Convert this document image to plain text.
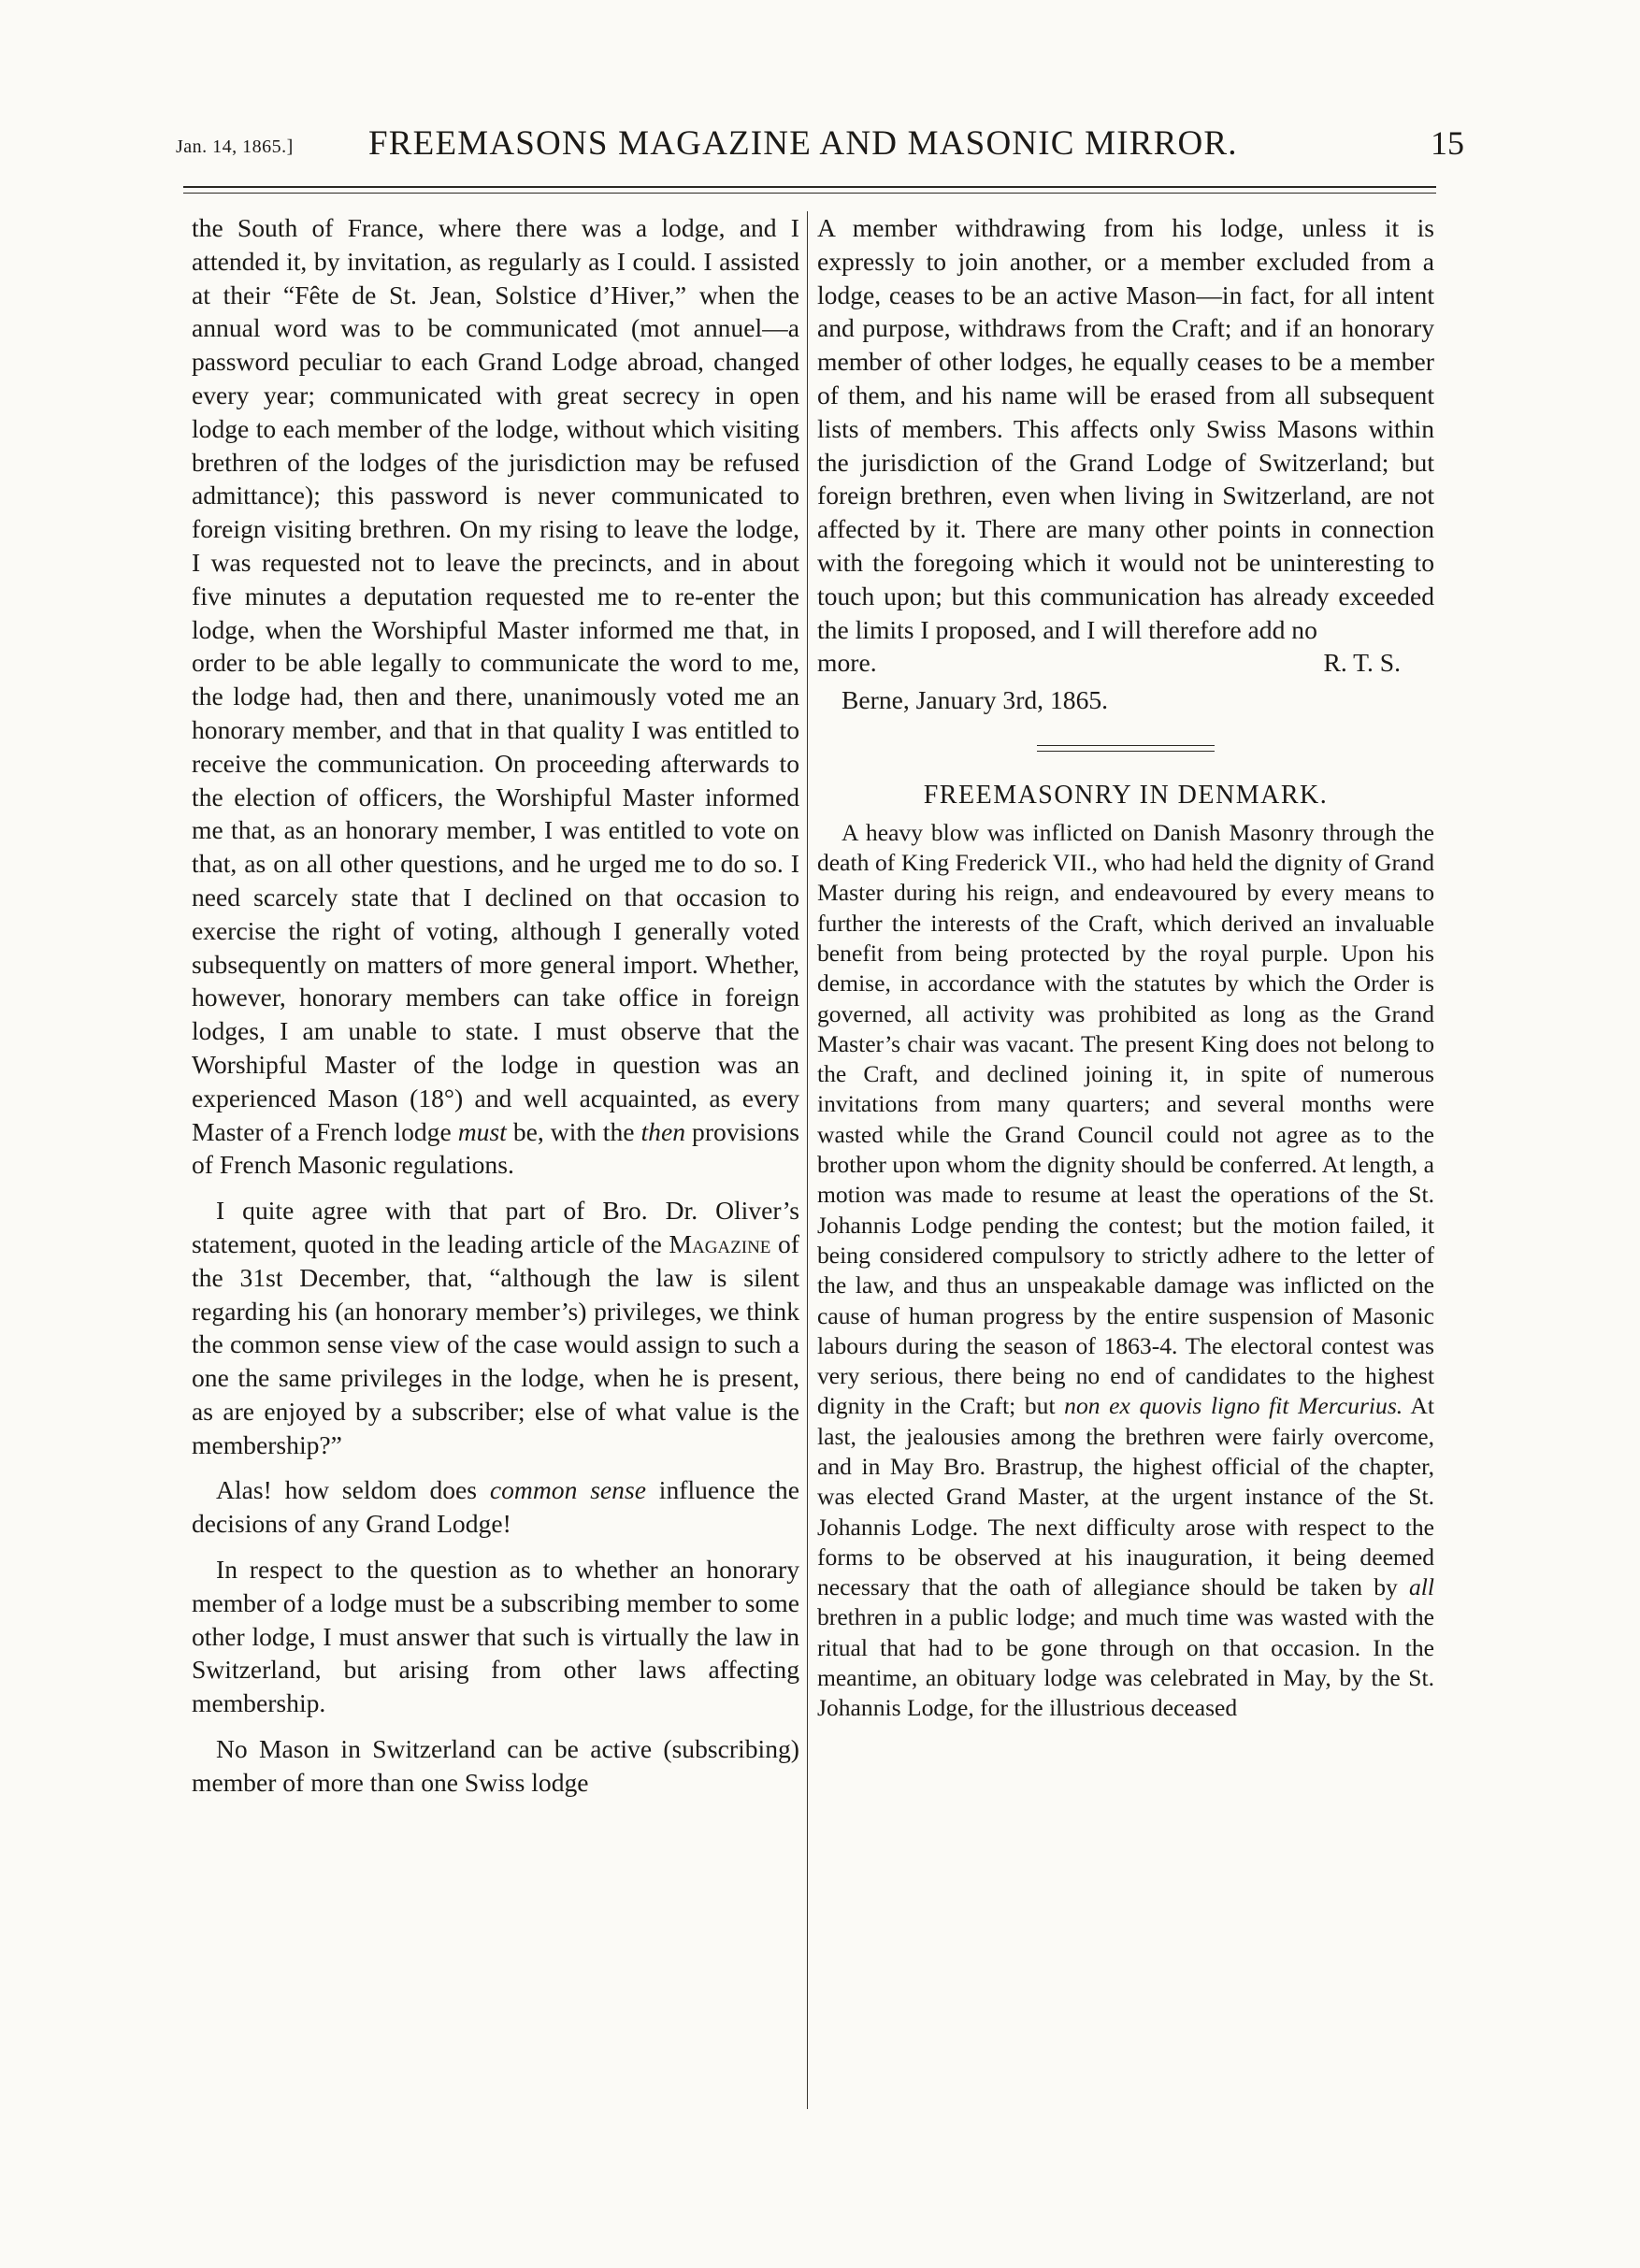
Jan. 14, 1865.] FREEMASONS MAGAZINE AND MASONIC MIRROR.	15

the South of France, where there was a lodge, and I attended it, by invitation, as regularly as I could. I assisted at their “Fête de St. Jean, Solstice d’Hiver,” when the annual word was to be communicated (mot annuel—a password peculiar to each Grand Lodge abroad, changed every year; communicated with great secrecy in open lodge to each member of the lodge, without which visiting brethren of the lodges of the jurisdiction may be refused admittance); this password is never communicated to foreign visiting brethren. On my rising to leave the lodge, I was requested not to leave the precincts, and in about five minutes a deputation requested me to re-enter the lodge, when the Worshipful Master informed me that, in order to be able legally to communicate the word to me, the lodge had, then and there, unanimously voted me an honorary member, and that in that quality I was entitled to receive the communication. On proceeding afterwards to the election of officers, the Worshipful Master informed me that, as an honorary member, I was entitled to vote on that, as on all other questions, and he urged me to do so. I need scarcely state that I declined on that occasion to exercise the right of voting, although I generally voted subsequently on matters of more general import. Whether, however, honorary members can take office in foreign lodges, I am unable to state. I must observe that the Worshipful Master of the lodge in question was an experienced Mason (18°) and well acquainted, as every Master of a French lodge must be, with the then provisions of French Masonic regulations.

I quite agree with that part of Bro. Dr. Oliver’s statement, quoted in the leading article of the Magazine of the 31st December, that, “although the law is silent regarding his (an honorary member’s) privileges, we think the common sense view of the case would assign to such a one the same privileges in the lodge, when he is present, as are enjoyed by a subscriber; else of what value is the membership?”

Alas! how seldom does common sense influence the decisions of any Grand Lodge!

In respect to the question as to whether an honorary member of a lodge must be a subscribing member to some other lodge, I must answer that such is virtually the law in Switzerland, but arising from other laws affecting membership.

No Mason in Switzerland can be active (subscribing) member of more than one Swiss lodge

A member withdrawing from his lodge, unless it is expressly to join another, or a member excluded from a lodge, ceases to be an active Mason—in fact, for all intent and purpose, withdraws from the Craft; and if an honorary member of other lodges, he equally ceases to be a member of them, and his name will be erased from all subsequent lists of members. This affects only Swiss Masons within the jurisdiction of the Grand Lodge of Switzerland; but foreign brethren, even when living in Switzerland, are not affected by it. There are many other points in connection with the foregoing which it would not be uninteresting to touch upon; but this communication has already exceeded the limits I proposed, and I will therefore add no
more.	R. T. S.

Berne, January 3rd, 1865.

FREEMASONRY IN DENMARK.

A heavy blow was inflicted on Danish Masonry through the death of King Frederick VII., who had held the dignity of Grand Master during his reign, and endeavoured by every means to further the interests of the Craft, which derived an invaluable benefit from being protected by the royal purple. Upon his demise, in accordance with the statutes by which the Order is governed, all activity was prohibited as long as the Grand Master’s chair was vacant. The present King does not belong to the Craft, and declined joining it, in spite of numerous invitations from many quarters; and several months were wasted while the Grand Council could not agree as to the brother upon whom the dignity should be conferred. At length, a motion was made to resume at least the operations of the St. Johannis Lodge pending the contest; but the motion failed, it being considered compulsory to strictly adhere to the letter of the law, and thus an unspeakable damage was inflicted on the cause of human progress by the entire suspension of Masonic labours during the season of 1863-4. The electoral contest was very serious, there being no end of candidates to the highest dignity in the Craft; but non ex quovis ligno fit Mercurius. At last, the jealousies among the brethren were fairly overcome, and in May Bro. Brastrup, the highest official of the chapter, was elected Grand Master, at the urgent instance of the St. Johannis Lodge. The next difficulty arose with respect to the forms to be observed at his inauguration, it being deemed necessary that the oath of allegiance should be taken by all brethren in a public lodge; and much time was wasted with the ritual that had to be gone through on that occasion. In the meantime, an obituary lodge was celebrated in May, by the St. Johannis Lodge, for the illustrious deceased
